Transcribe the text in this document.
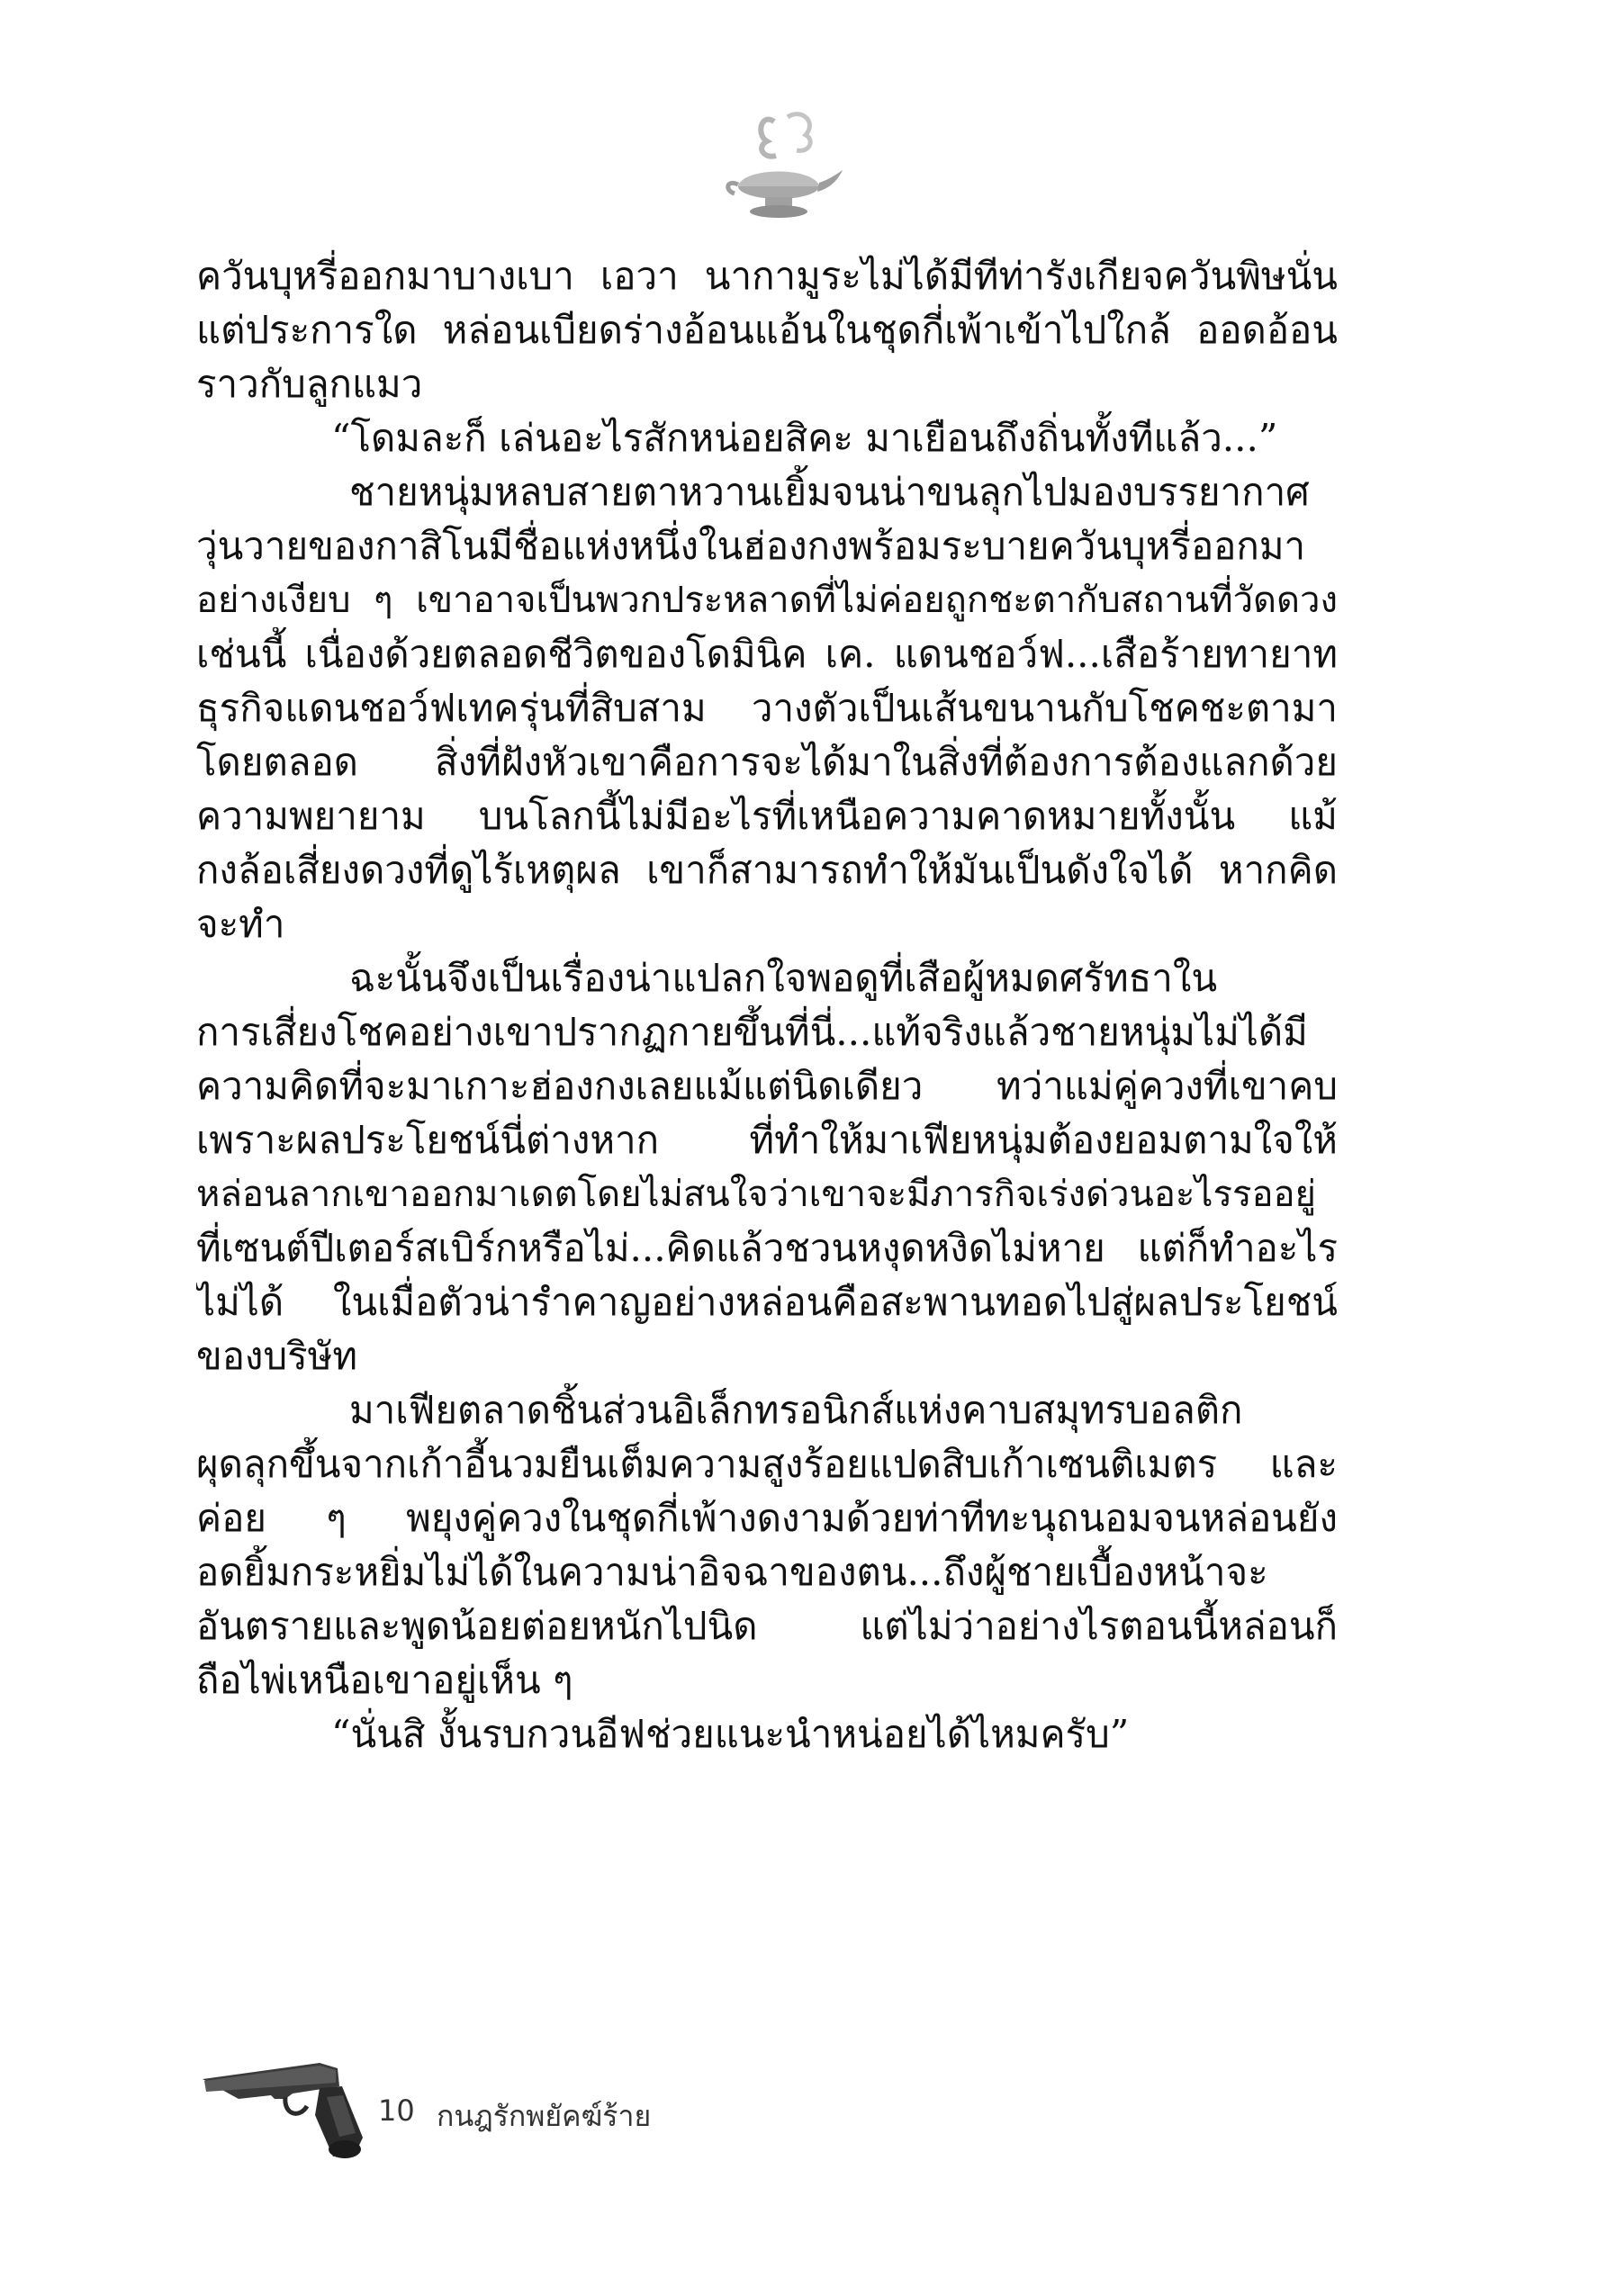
ควันบุหรี่ออกมาบางเบา เอวา นากามูระไม่ได้มีทีท่ารังเกียจควันพิษนั่น
แต่ประการใด หล่อนเบียดร่างอ้อนแอ้นในชุดกี่เพ้าเข้าไปใกล้ ออดอ้อน
ราวกับลูกแมว
“โดมละก็ เล่นอะไรสักหน่อยสิคะ มาเยือนถึงถิ่นทั้งทีแล้ว...”
ชายหนุ่มหลบสายตาหวานเยิ้มจนน่าขนลุกไปมองบรรยากาศ
วุ่นวายของกาสิโนมีชื่อแห่งหนึ่งในฮ่องกงพร้อมระบายควันบุหรี่ออกมา
อย่างเงียบ ๆ เขาอาจเป็นพวกประหลาดที่ไม่ค่อยถูกชะตากับสถานที่วัดดวง
เช่นนี้ เนื่องด้วยตลอดชีวิตของโดมินิค เค. แดนชอว์ฟ...เสือร้ายทายาท
ธุรกิจแดนชอว์ฟเทครุ่นที่สิบสาม วางตัวเป็นเส้นขนานกับโชคชะตามา
โดยตลอด สิ่งที่ฝังหัวเขาคือการจะได้มาในสิ่งที่ต้องการต้องแลกด้วย
ความพยายาม บนโลกนี้ไม่มีอะไรที่เหนือความคาดหมายทั้งนั้น แม้
กงล้อเสี่ยงดวงที่ดูไร้เหตุผล เขาก็สามารถทำให้มันเป็นดังใจได้ หากคิด
จะทำ
ฉะนั้นจึงเป็นเรื่องน่าแปลกใจพอดูที่เสือผู้หมดศรัทธาใน
การเสี่ยงโชคอย่างเขาปรากฏกายขึ้นที่นี่...แท้จริงแล้วชายหนุ่มไม่ได้มี
ความคิดที่จะมาเกาะฮ่องกงเลยแม้แต่นิดเดียว ทว่าแม่คู่ควงที่เขาคบ
เพราะผลประโยชน์นี่ต่างหาก ที่ทำให้มาเฟียหนุ่มต้องยอมตามใจให้
หล่อนลากเขาออกมาเดตโดยไม่สนใจว่าเขาจะมีภารกิจเร่งด่วนอะไรรออยู่
ที่เซนต์ปีเตอร์สเบิร์กหรือไม่...คิดแล้วชวนหงุดหงิดไม่หาย แต่ก็ทำอะไร
ไม่ได้ ในเมื่อตัวน่ารำคาญอย่างหล่อนคือสะพานทอดไปสู่ผลประโยชน์
ของบริษัท
มาเฟียตลาดชิ้นส่วนอิเล็กทรอนิกส์แห่งคาบสมุทรบอลติก
ผุดลุกขึ้นจากเก้าอี้นวมยืนเต็มความสูงร้อยแปดสิบเก้าเซนติเมตร และ
ค่อย ๆ พยุงคู่ควงในชุดกี่เพ้างดงามด้วยท่าทีทะนุถนอมจนหล่อนยัง
อดยิ้มกระหยิ่มไม่ได้ในความน่าอิจฉาของตน...ถึงผู้ชายเบื้องหน้าจะ
อันตรายและพูดน้อยต่อยหนักไปนิด แต่ไม่ว่าอย่างไรตอนนี้หล่อนก็
ถือไพ่เหนือเขาอยู่เห็น ๆ
“นั่นสิ งั้นรบกวนอีฟช่วยแนะนำหน่อยได้ไหมครับ”
10 กนฎรักพยัคฆ์ร้าย
